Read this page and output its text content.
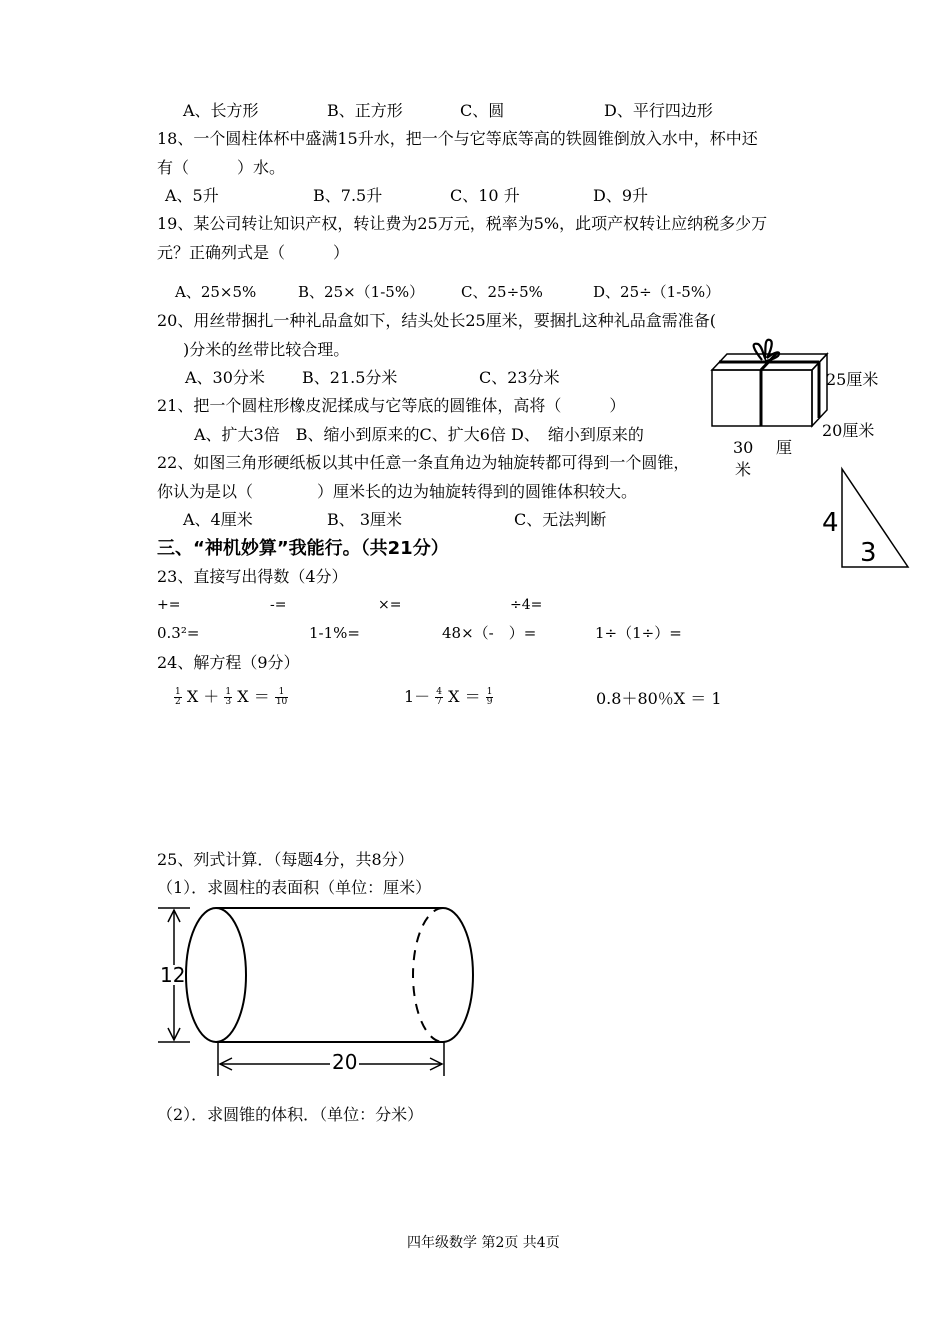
A、长方形	B、正方形	C、圆	D、平行四边形
18、一个圆柱体杯中盛满15升水，把一个与它等底等高的铁圆锥倒放入水中，杯中还
有（　　　）水。
A、5升	B、7.5升	C、10 升	D、9升
19、某公司转让知识产权，转让费为25万元，税率为5%，此项产权转让应纳税多少万
元？正确列式是（　　　）
A、25×5%	B、25×（1-5%） C、25÷5%	D、25÷（1-5%）
20、用丝带捆扎一种礼品盒如下，结头处长25厘米，要捆扎这种礼品盒需准备(
)分米的丝带比较合理。
A、30分米 B、21.5分米	C、23分米
21、把一个圆柱形橡皮泥揉成与它等底的圆锥体，高将（　　　）
A、扩大3倍　B、缩小到原来的C、扩大6倍 D、　缩小到原来的
22、如图三角形硬纸板以其中任意一条直角边为轴旋转都可得到一个圆锥，
你认为是以（　　　　）厘米长的边为轴旋转得到的圆锥体积较大。
A、4厘米	B、 3厘米	C、无法判断
25厘米
20厘米
30 厘
米
4
3
三、“神机妙算”我能行。（共21分）
23、直接写出得数（4分）
+=	-=	×=	÷4=
0.3²=	1-1%=	48×（-　）=	1÷（1÷）=
24、解方程（9分）
$\frac{1}{2}$ $X + \frac{1}{3}$ $X = \frac{1}{10}$	$1- \frac{4}{7}$ $X = \frac{1}{9}$	0.8＋80％X ＝ 1
25、列式计算．（每题4分，共8分）
（1）．求圆柱的表面积（单位：厘米）
12
20
（2）．求圆锥的体积．（单位：分米）
四年级数学 第2页 共4页
